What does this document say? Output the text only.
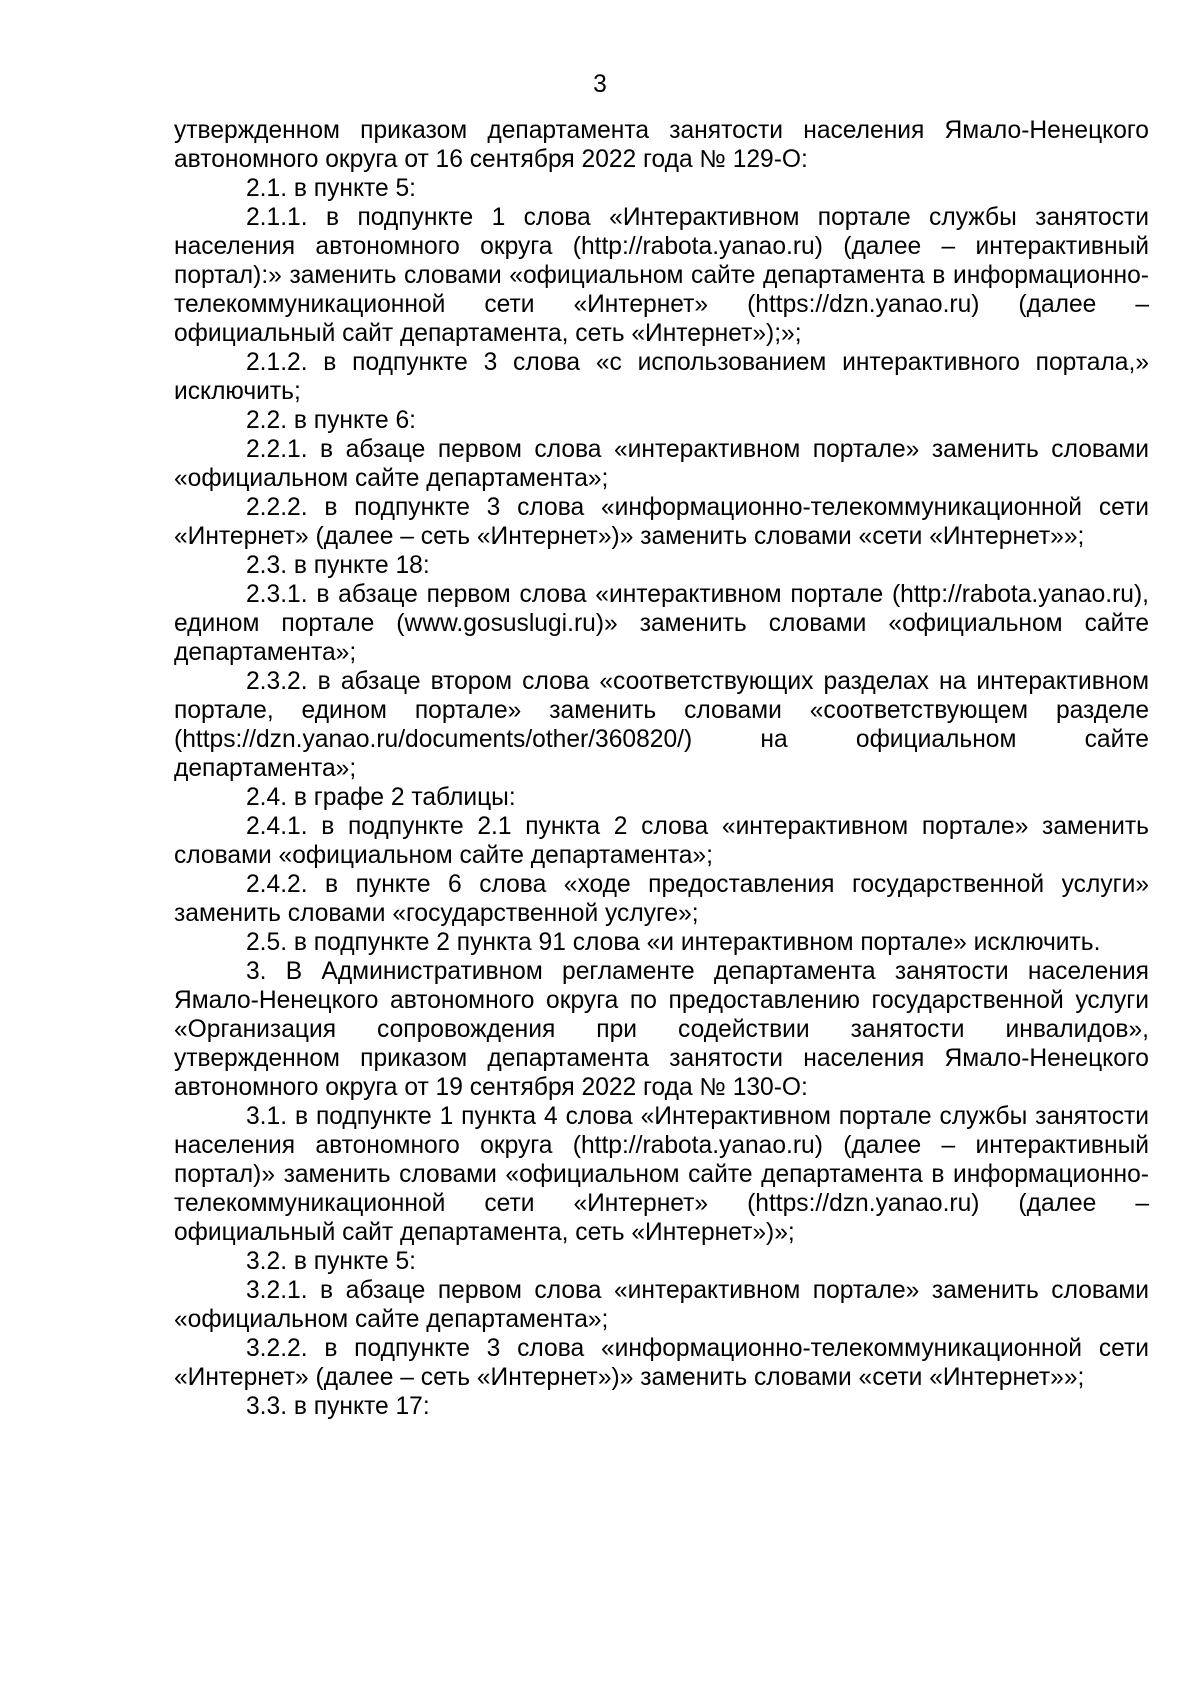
3

утвержденном приказом департамента занятости населения Ямало-Ненецкого автономного округа от 16 сентября 2022 года № 129-О:

2.1. в пункте 5:

2.1.1. в подпункте 1 слова «Интерактивном портале службы занятости населения автономного округа (http://rabota.yanao.ru) (далее – интерактивный портал):» заменить словами «официальном сайте департамента в информационно-телекоммуникационной сети «Интернет» (https://dzn.yanao.ru) (далее – официальный сайт департамента, сеть «Интернет»);»;

2.1.2. в подпункте 3 слова «с использованием интерактивного портала,» исключить;

2.2. в пункте 6:

2.2.1. в абзаце первом слова «интерактивном портале» заменить словами «официальном сайте департамента»;

2.2.2. в подпункте 3 слова «информационно-телекоммуникационной сети «Интернет» (далее – сеть «Интернет»)» заменить словами «сети «Интернет»»;

2.3. в пункте 18:

2.3.1. в абзаце первом слова «интерактивном портале (http://rabota.yanao.ru), едином портале (www.gosuslugi.ru)» заменить словами «официальном сайте департамента»;

2.3.2. в абзаце втором слова «соответствующих разделах на интерактивном портале, едином портале» заменить словами «соответствующем разделе (https://dzn.yanao.ru/documents/other/360820/) на официальном сайте департамента»;

2.4. в графе 2 таблицы:

2.4.1. в подпункте 2.1 пункта 2 слова «интерактивном портале» заменить словами «официальном сайте департамента»;

2.4.2. в пункте 6 слова «ходе предоставления государственной услуги» заменить словами «государственной услуге»;

2.5. в подпункте 2 пункта 91 слова «и интерактивном портале» исключить.

3. В Административном регламенте департамента занятости населения Ямало-Ненецкого автономного округа по предоставлению государственной услуги «Организация сопровождения при содействии занятости инвалидов», утвержденном приказом департамента занятости населения Ямало-Ненецкого автономного округа от 19 сентября 2022 года № 130-О:

3.1. в подпункте 1 пункта 4 слова «Интерактивном портале службы занятости населения автономного округа (http://rabota.yanao.ru) (далее – интерактивный портал)» заменить словами «официальном сайте департамента в информационно-телекоммуникационной сети «Интернет» (https://dzn.yanao.ru) (далее – официальный сайт департамента, сеть «Интернет»)»;

3.2. в пункте 5:

3.2.1. в абзаце первом слова «интерактивном портале» заменить словами «официальном сайте департамента»;

3.2.2. в подпункте 3 слова «информационно-телекоммуникационной сети «Интернет» (далее – сеть «Интернет»)» заменить словами «сети «Интернет»»;

3.3. в пункте 17:
